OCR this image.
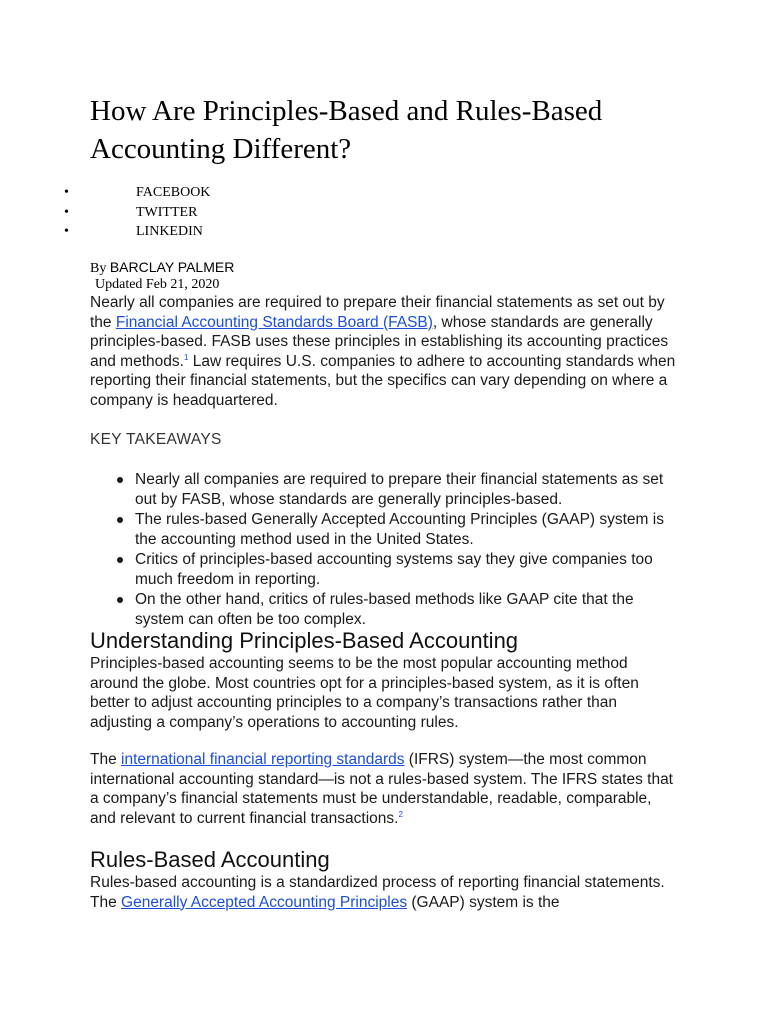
How Are Principles-Based and Rules-Based Accounting Different?
•	FACEBOOK
•	TWITTER
•	LINKEDIN
By BARCLAY PALMER
Updated Feb 21, 2020

Nearly all companies are required to prepare their financial statements as set out by the Financial Accounting Standards Board (FASB), whose standards are generally principles-based. FASB uses these principles in establishing its accounting practices and methods.$^1$ Law requires U.S. companies to adhere to accounting standards when reporting their financial statements, but the specifics can vary depending on where a company is headquartered.

KEY TAKEAWAYS
Nearly all companies are required to prepare their financial statements as set out by FASB, whose standards are generally principles-based.
The rules-based Generally Accepted Accounting Principles (GAAP) system is the accounting method used in the United States.
Critics of principles-based accounting systems say they give companies too much freedom in reporting.
On the other hand, critics of rules-based methods like GAAP cite that the system can often be too complex.
Understanding Principles-Based Accounting

Principles-based accounting seems to be the most popular accounting method around the globe. Most countries opt for a principles-based system, as it is often better to adjust accounting principles to a company’s transactions rather than adjusting a company’s operations to accounting rules.

The international financial reporting standards (IFRS) system—the most common international accounting standard—is not a rules-based system. The IFRS states that a company’s financial statements must be understandable, readable, comparable, and relevant to current financial transactions.$^2$

Rules-Based Accounting

Rules-based accounting is a standardized process of reporting financial statements. The Generally Accepted Accounting Principles (GAAP) system is the
